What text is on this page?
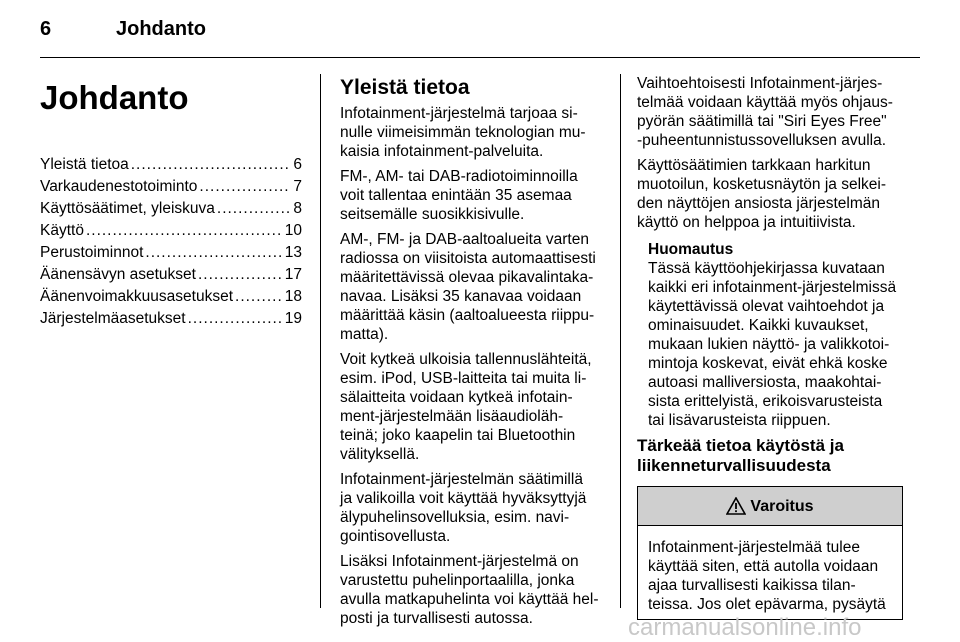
6	Johdanto
Johdanto
Yleistä tietoa .....	6
Varkaudenestotoiminto .....	7
Käyttösäätimet, yleiskuva .....	8
Käyttö .....	10
Perustoiminnot .....	13
Äänensävyn asetukset .....	17
Äänenvoimakkuusasetukset .....	18
Järjestelmäasetukset .....	19
Yleistä tietoa

Infotainment-järjestelmä tarjoaa si-
nulle viimeisimmän teknologian mu-
kaisia infotainment-palveluita.

FM-, AM- tai DAB-radiotoiminnoilla
voit tallentaa enintään 35 asemaa
seitsemälle suosikkisivulle.

AM-, FM- ja DAB-aaltoalueita varten
radiossa on viisitoista automaattisesti
määritettävissä olevaa pikavalintaka-
navaa. Lisäksi 35 kanavaa voidaan
määrittää käsin (aaltoalueesta riippu-
matta).

Voit kytkeä ulkoisia tallennuslähteitä,
esim. iPod, USB-laitteita tai muita li-
sälaitteita voidaan kytkeä infotain-
ment-järjestelmään lisäaudioläh-
teinä; joko kaapelin tai Bluetoothin
välityksellä.

Infotainment-järjestelmän säätimillä
ja valikoilla voit käyttää hyväksyttyjä
älypuhelinsovelluksia, esim. navi-
gointisovellusta.

Lisäksi Infotainment-järjestelmä on
varustettu puhelinportaalilla, jonka
avulla matkapuhelinta voi käyttää hel-
posti ja turvallisesti autossa.

Vaihtoehtoisesti Infotainment-järjes-
telmää voidaan käyttää myös ohjaus-
pyörän säätimillä tai "Siri Eyes Free"
-puheentunnistussovelluksen avulla.

Käyttösäätimien tarkkaan harkitun
muotoilun, kosketusnäytön ja selkei-
den näyttöjen ansiosta järjestelmän
käyttö on helppoa ja intuitiivista.

Huomautus

Tässä käyttöohjekirjassa kuvataan
kaikki eri infotainment-järjestelmissä
käytettävissä olevat vaihtoehdot ja
ominaisuudet. Kaikki kuvaukset,
mukaan lukien näyttö- ja valikkotoi-
mintoja koskevat, eivät ehkä koske
autoasi malliversiosta, maakohtai-
sista erittelyistä, erikoisvarusteista
tai lisävarusteista riippuen.

Tärkeää tietoa käytöstä ja
liikenneturvallisuudesta
Varoitus
Infotainment-järjestelmää tulee
käyttää siten, että autolla voidaan
ajaa turvallisesti kaikissa tilan-
teissa. Jos olet epävarma, pysäytä
carmanualsonline.info
